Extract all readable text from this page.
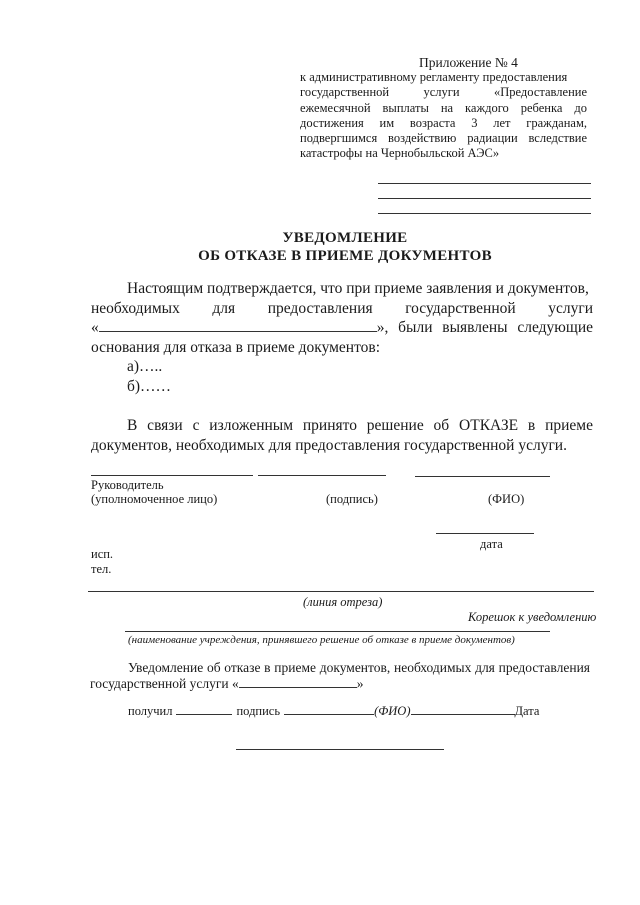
Приложение № 4
к административному регламенту предоставления
государственной услуги «Предоставление
ежемесячной выплаты на каждого ребенка до
достижения им возраста 3 лет гражданам,
подвергшимся воздействию радиации вследствие
катастрофы на Чернобыльской АЭС»
УВЕДОМЛЕНИЕ
ОБ ОТКАЗЕ В ПРИЕМЕ ДОКУМЕНТОВ
Настоящим подтверждается, что при приеме заявления и документов,
необходимых для предоставления государственной услуги
«	», были выявлены следующие
основания для отказа в приеме документов:
а)…..
б)……
В связи с изложенным принято решение об ОТКАЗЕ в приеме
документов, необходимых для предоставления государственной услуги.
Руководитель
(уполномоченное лицо)	(подпись)	(ФИО)
дата
исп.
тел.
(линия отреза)
Корешок к уведомлению
(наименование учреждения, принявшего решение об отказе в приеме документов)
Уведомление об отказе в приеме документов, необходимых для предоставления
государственной услуги «	»
получил	подпись	(ФИО)	Дата
